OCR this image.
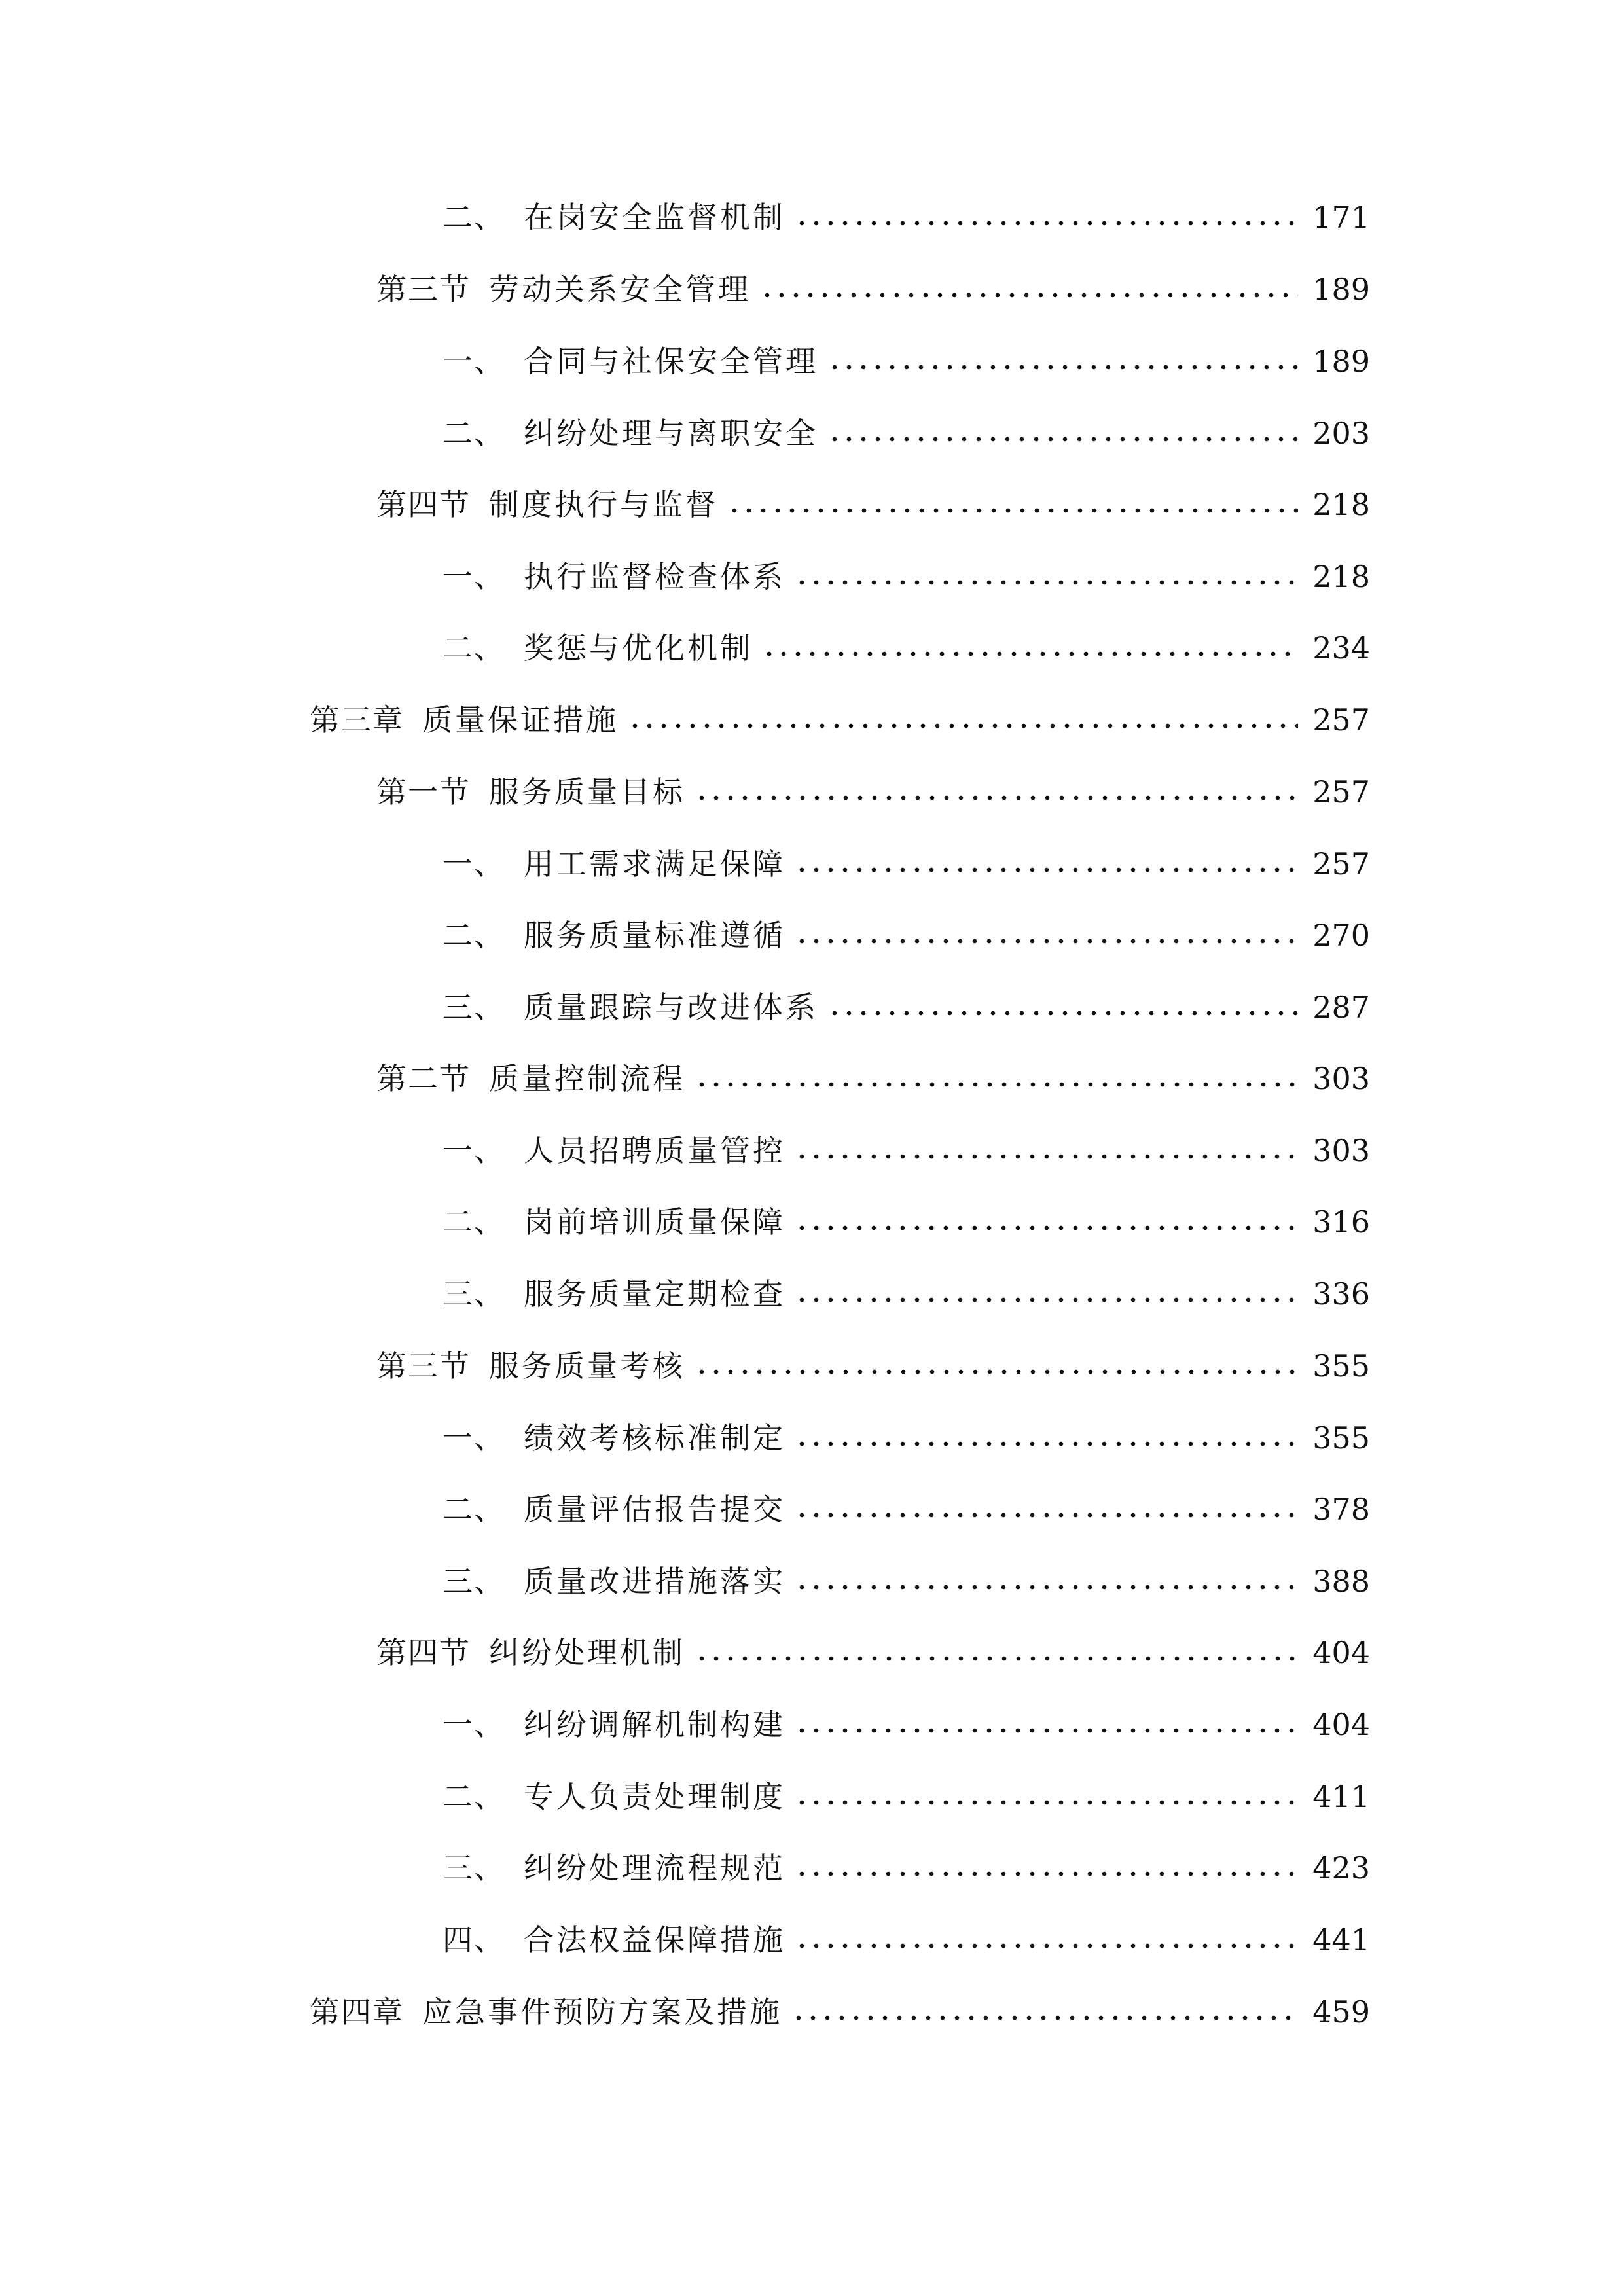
二、 在岗安全监督机制	171
第三节 劳动关系安全管理	189
一、 合同与社保安全管理	189
二、 纠纷处理与离职安全	203
第四节 制度执行与监督	218
一、 执行监督检查体系	218
二、 奖惩与优化机制	234
第三章 质量保证措施	257
第一节 服务质量目标	257
一、 用工需求满足保障	257
二、 服务质量标准遵循	270
三、 质量跟踪与改进体系	287
第二节 质量控制流程	303
一、 人员招聘质量管控	303
二、 岗前培训质量保障	316
三、 服务质量定期检查	336
第三节 服务质量考核	355
一、 绩效考核标准制定	355
二、 质量评估报告提交	378
三、 质量改进措施落实	388
第四节 纠纷处理机制	404
一、 纠纷调解机制构建	404
二、 专人负责处理制度	411
三、 纠纷处理流程规范	423
四、 合法权益保障措施	441
第四章 应急事件预防方案及措施	459
